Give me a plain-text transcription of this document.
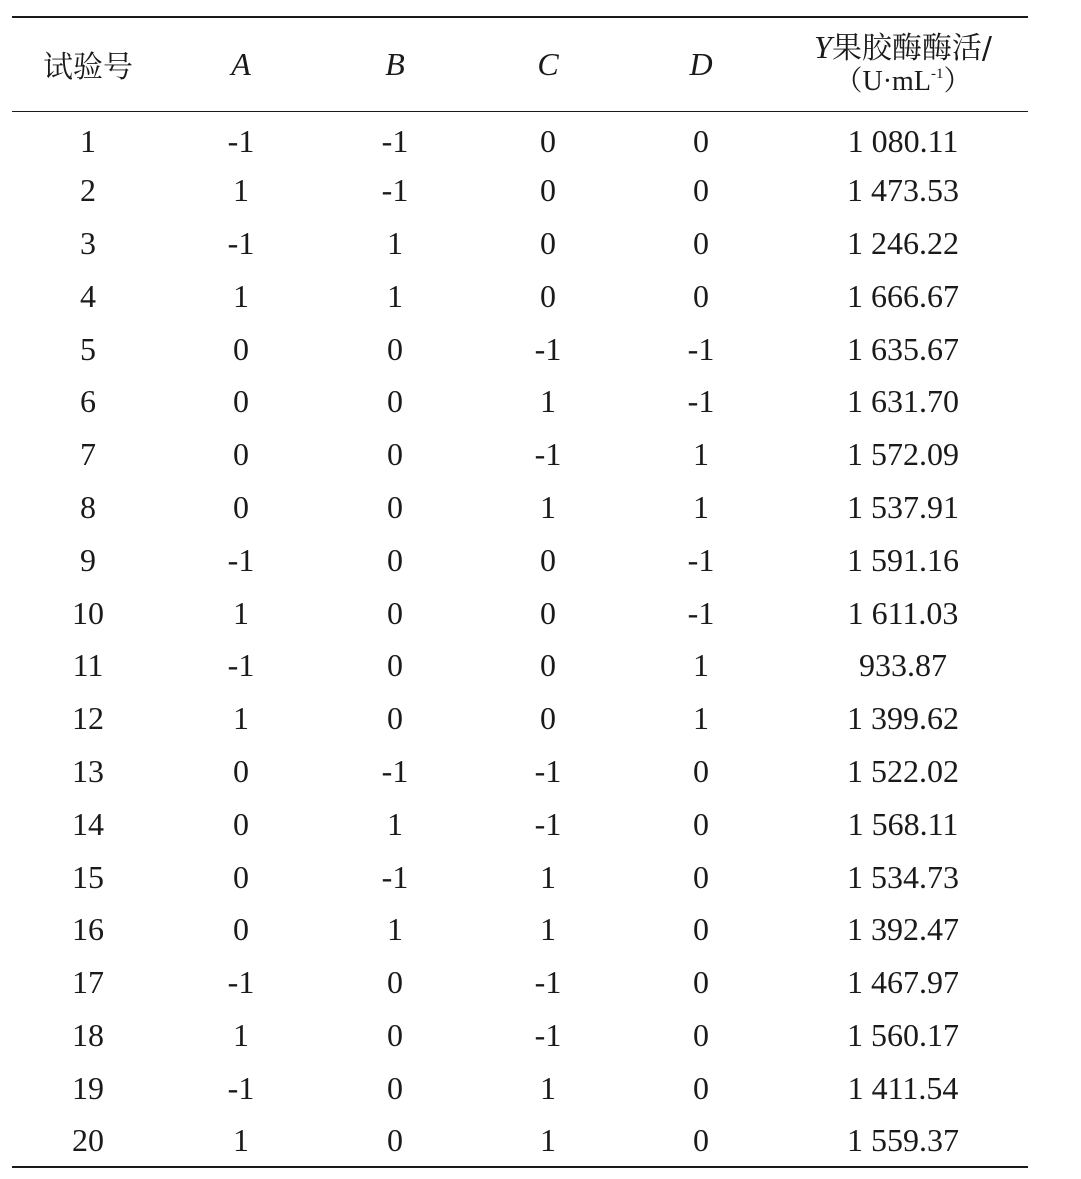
试验号	A	B	C	D	Y果胶酶酶活/
$(U\cdot mL^{-1})$

1	-1	-1	0	0	1 080.11
2	1	-1	0	0	1 473.53
3	-1	1	0	0	1 246.22
4	1	1	0	0	1 666.67
5	0	0	-1	-1	1 635.67
6	0	0	1	-1	1 631.70
7	0	0	-1	1	1 572.09
8	0	0	1	1	1 537.91
9	-1	0	0	-1	1 591.16
10	1	0	0	-1	1 611.03
11	-1	0	0	1	933.87
12	1	0	0	1	1 399.62
13	0	-1	-1	0	1 522.02
14	0	1	-1	0	1 568.11
15	0	-1	1	0	1 534.73
16	0	1	1	0	1 392.47
17	-1	0	-1	0	1 467.97
18	1	0	-1	0	1 560.17
19	-1	0	1	0	1 411.54
20	1	0	1	0	1 559.37
